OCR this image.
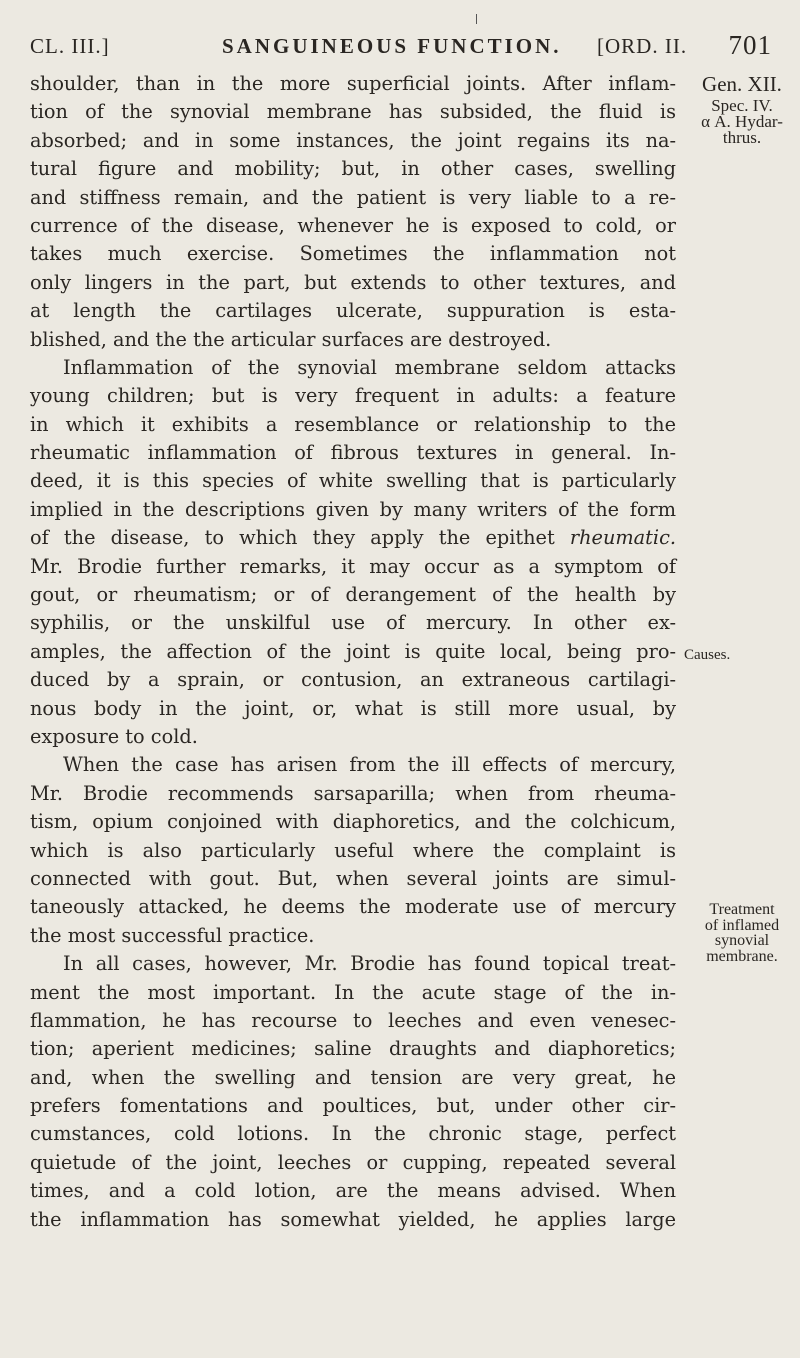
CL. III.]	SANGUINEOUS FUNCTION. [ORD. II. 701
Gen. XII.
Spec. IV.
α A. Hydar-
thrus.
Causes.
Treatment
of inflamed
synovial
membrane.
shoulder, than in the more superficial joints. After inflam-
tion of the synovial membrane has subsided, the fluid is
absorbed; and in some instances, the joint regains its na-
tural figure and mobility; but, in other cases, swelling
and stiffness remain, and the patient is very liable to a re-
currence of the disease, whenever he is exposed to cold, or
takes much exercise. Sometimes the inflammation not
only lingers in the part, but extends to other textures, and
at length the cartilages ulcerate, suppuration is esta-
blished, and the the articular surfaces are destroyed.
Inflammation of the synovial membrane seldom attacks
young children; but is very frequent in adults: a feature
in which it exhibits a resemblance or relationship to the
rheumatic inflammation of fibrous textures in general. In-
deed, it is this species of white swelling that is particularly
implied in the descriptions given by many writers of the form
of the disease, to which they apply the epithet rheumatic.
Mr. Brodie further remarks, it may occur as a symptom of
gout, or rheumatism; or of derangement of the health by
syphilis, or the unskilful use of mercury. In other ex-
amples, the affection of the joint is quite local, being pro-
duced by a sprain, or contusion, an extraneous cartilagi-
nous body in the joint, or, what is still more usual, by
exposure to cold.
When the case has arisen from the ill effects of mercury,
Mr. Brodie recommends sarsaparilla; when from rheuma-
tism, opium conjoined with diaphoretics, and the colchicum,
which is also particularly useful where the complaint is
connected with gout. But, when several joints are simul-
taneously attacked, he deems the moderate use of mercury
the most successful practice.
In all cases, however, Mr. Brodie has found topical treat-
ment the most important. In the acute stage of the in-
flammation, he has recourse to leeches and even venesec-
tion; aperient medicines; saline draughts and diaphoretics;
and, when the swelling and tension are very great, he
prefers fomentations and poultices, but, under other cir-
cumstances, cold lotions. In the chronic stage, perfect
quietude of the joint, leeches or cupping, repeated several
times, and a cold lotion, are the means advised. When
the inflammation has somewhat yielded, he applies large
